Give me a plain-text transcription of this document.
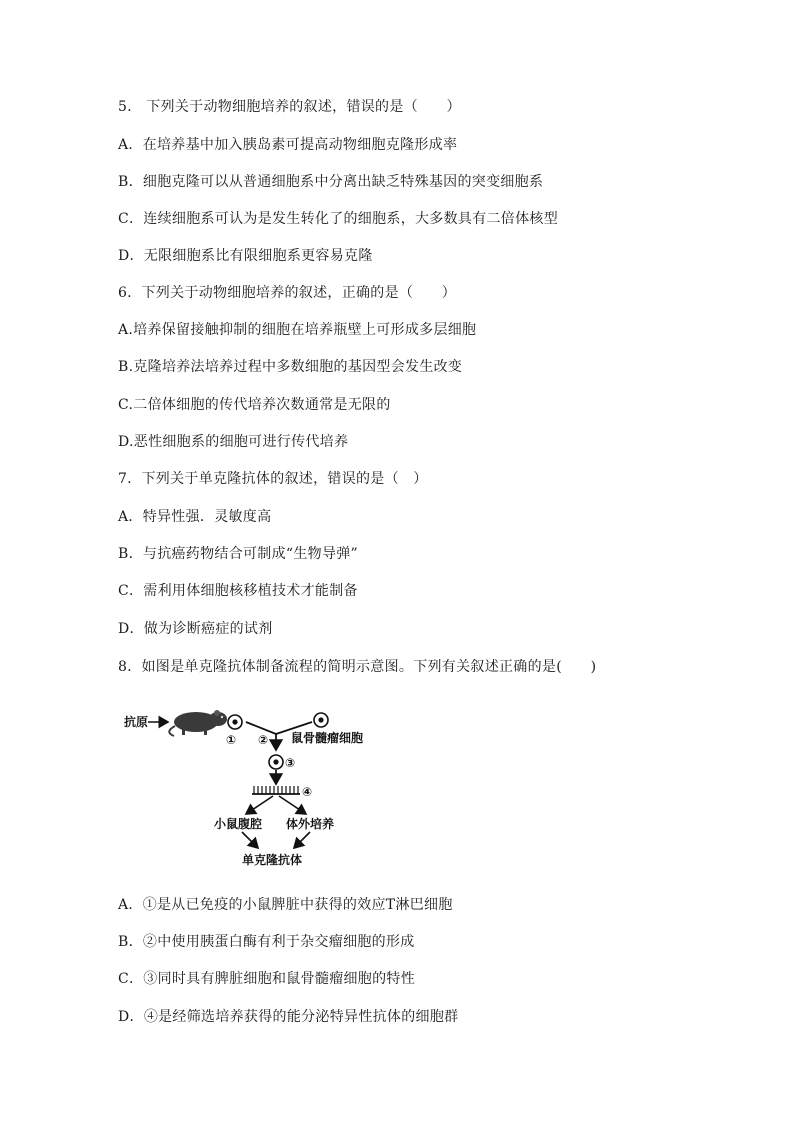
5． 下列关于动物细胞培养的叙述，错误的是（　　）
A．在培养基中加入胰岛素可提高动物细胞克隆形成率
B．细胞克隆可以从普通细胞系中分离出缺乏特殊基因的突变细胞系
C．连续细胞系可认为是发生转化了的细胞系，大多数具有二倍体核型
D．无限细胞系比有限细胞系更容易克隆
6．下列关于动物细胞培养的叙述，正确的是（　　）
A.培养保留接触抑制的细胞在培养瓶壁上可形成多层细胞
B.克隆培养法培养过程中多数细胞的基因型会发生改变
C.二倍体细胞的传代培养次数通常是无限的
D.恶性细胞系的细胞可进行传代培养
7．下列关于单克隆抗体的叙述，错误的是（　）
A．特异性强．灵敏度高
B．与抗癌药物结合可制成“生物导弹”
C．需利用体细胞核移植技术才能制备
D．做为诊断癌症的试剂
8．如图是单克隆抗体制备流程的简明示意图。下列有关叙述正确的是(　　)
抗原
①	鼠骨髓瘤细胞
②
③
④
小鼠腹腔 体外培养
单克隆抗体
A．①是从已免疫的小鼠脾脏中获得的效应T淋巴细胞
B．②中使用胰蛋白酶有利于杂交瘤细胞的形成
C．③同时具有脾脏细胞和鼠骨髓瘤细胞的特性
D．④是经筛选培养获得的能分泌特异性抗体的细胞群
